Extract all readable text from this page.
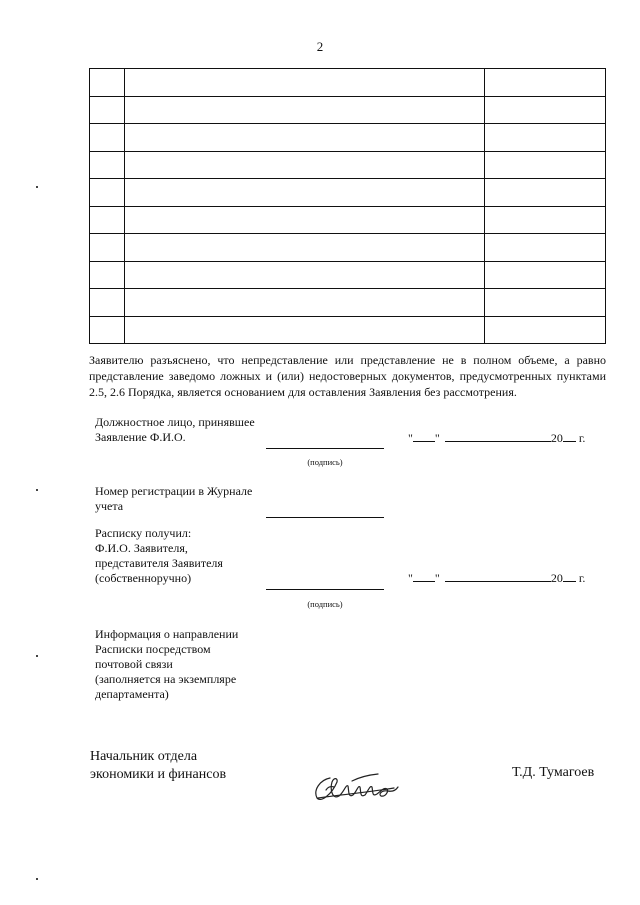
2

Заявителю разъяснено, что непредставление или представление не в полном объеме, а равно представление заведомо ложных и (или) недостоверных документов, предусмотренных пунктами 2.5, 2.6 Порядка, является основанием для оставления Заявления без рассмотрения.
Должностное лицо, принявшее
Заявление Ф.И.О.
(подпись)
" "	20 г.
Номер регистрации в Журнале
учета
Расписку получил:
Ф.И.О. Заявителя,
представителя Заявителя
(собственноручно)
(подпись)
" "	20 г.
Информация о направлении
Расписки посредством
почтовой связи
(заполняется на экземпляре
департамента)
Начальник отдела
экономики и финансов	Т.Д. Тумагоев
